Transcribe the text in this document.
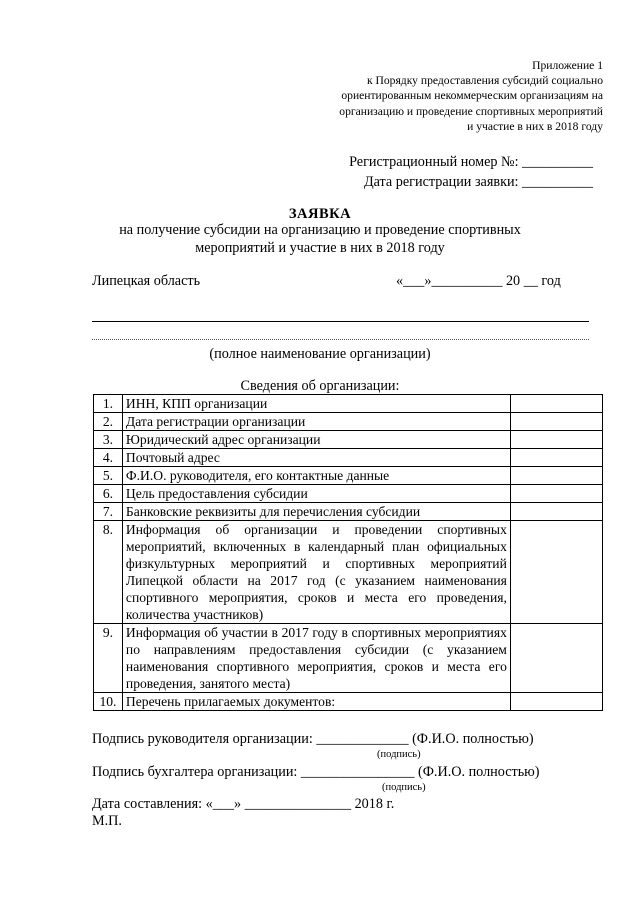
Приложение 1
к Порядку предоставления субсидий социально
ориентированным некоммерческим организациям на
организацию и проведение спортивных мероприятий
и участие в них в 2018 году
Регистрационный номер №: __________
Дата регистрации заявки: __________
ЗАЯВКА
на получение субсидии на организацию и проведение спортивных
мероприятий и участие в них в 2018 году
Липецкая область	«___»__________ 20 __ год
(полное наименование организации)
Сведения об организации:
1.	ИНН, КПП организации	
2.	Дата регистрации организации	
3.	Юридический адрес организации	
4.	Почтовый адрес	
5.	Ф.И.О. руководителя, его контактные данные	
6.	Цель предоставления субсидии	
7.	Банковские реквизиты для перечисления субсидии	
8.	Информация об организации и проведении спортивных мероприятий, включенных в календарный план официальных физкультурных мероприятий и спортивных мероприятий Липецкой области на 2017 год (с указанием наименования спортивного мероприятия, сроков и места его проведения, количества участников)	
9.	Информация об участии в 2017 году в спортивных мероприятиях по направлениям предоставления субсидии (с указанием наименования спортивного мероприятия, сроков и места его проведения, занятого места)	
10.	Перечень прилагаемых документов:	
Подпись руководителя организации: _____________ (Ф.И.О. полностью)
(подпись)
Подпись бухгалтера организации: ________________ (Ф.И.О. полностью)
(подпись)
Дата составления: «___» _______________ 2018 г.
М.П.
